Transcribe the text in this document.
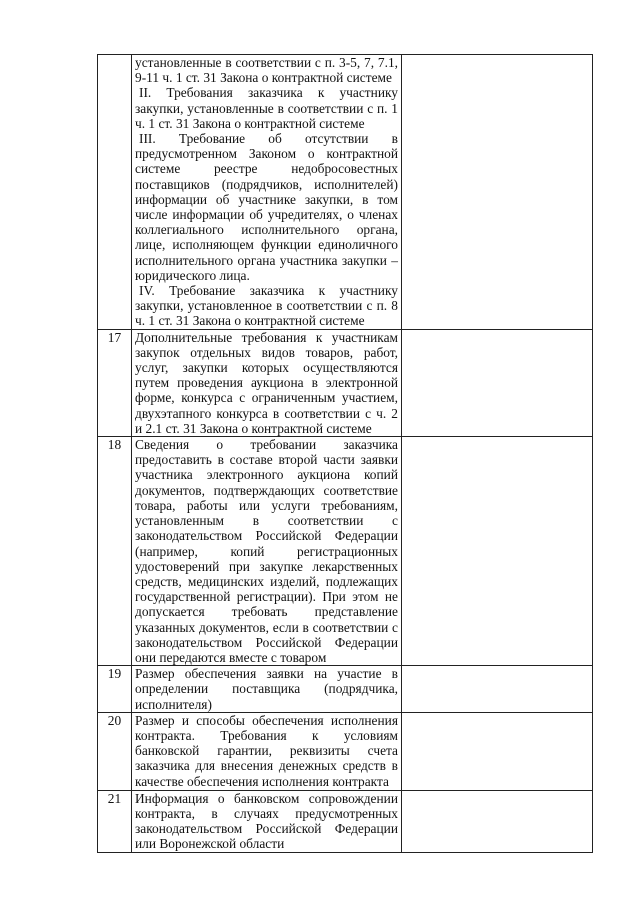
	установленные в соответствии с п. 3-5, 7, 7.1, 9-11 ч. 1 ст. 31 Закона о контрактной системе
II. Требования заказчика к участнику закупки, установленные в соответствии с п. 1 ч. 1 ст. 31 Закона о контрактной системе
III. Требование об отсутствии в предусмотренном Законом о контрактной системе реестре недобросовестных поставщиков (подрядчиков, исполнителей) информации об участнике закупки, в том числе информации об учредителях, о членах коллегиального исполнительного органа, лице, исполняющем функции единоличного исполнительного органа участника закупки – юридического лица.
IV. Требование заказчика к участнику закупки, установленное в соответствии с п. 8 ч. 1 ст. 31 Закона о контрактной системе	

17	Дополнительные требования к участникам закупок отдельных видов товаров, работ, услуг, закупки которых осуществляются путем проведения аукциона в электронной форме, конкурса с ограниченным участием, двухэтапного конкурса в соответствии с ч. 2 и 2.1 ст. 31 Закона о контрактной системе	

18	Сведения о требовании заказчика предоставить в составе второй части заявки участника электронного аукциона копий документов, подтверждающих соответствие товара, работы или услуги требованиям, установленным в соответствии с законодательством Российской Федерации (например, копий регистрационных удостоверений при закупке лекарственных средств, медицинских изделий, подлежащих государственной регистрации). При этом не допускается требовать представление указанных документов, если в соответствии с законодательством Российской Федерации они передаются вместе с товаром	

19	Размер обеспечения заявки на участие в определении поставщика (подрядчика, исполнителя)	

20	Размер и способы обеспечения исполнения контракта. Требования к условиям банковской гарантии, реквизиты счета заказчика для внесения денежных средств в качестве обеспечения исполнения контракта	

21	Информация о банковском сопровождении контракта, в случаях предусмотренных законодательством Российской Федерации или Воронежской области	
